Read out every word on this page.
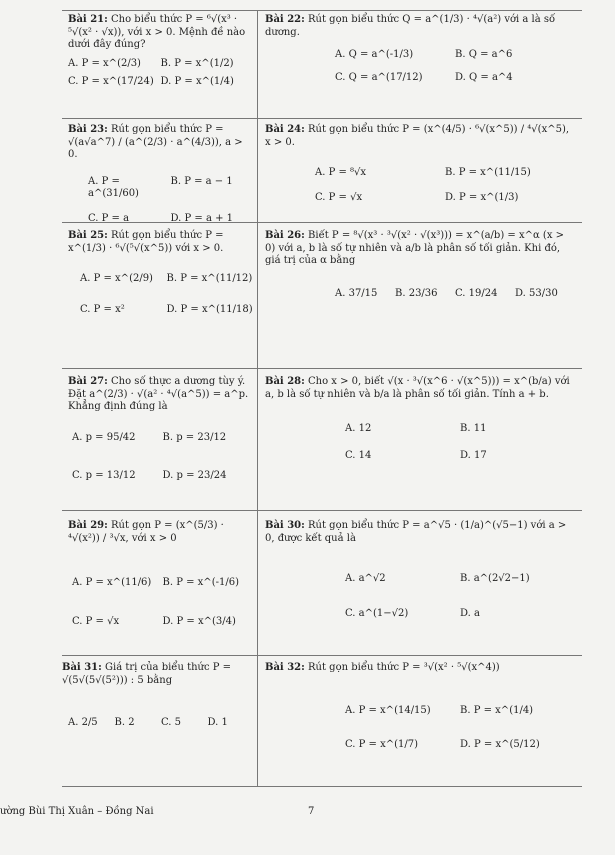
Bài 21: Cho biểu thức P = ⁶√(x³ · ⁵√(x² · √x)), với x > 0. Mệnh đề nào dưới đây đúng?
A. P = x^(2/3)	B. P = x^(1/2)
C. P = x^(17/24) D. P = x^(1/4)
Bài 22: Rút gọn biểu thức Q = a^(1/3) · ⁴√(a²) với a là số dương.
A. Q = a^(-1/3)	B. Q = a^6
C. Q = a^(17/12)	D. Q = a^4
Bài 23: Rút gọn biểu thức P = √(a√a^7) / (a^(2/3) · a^(4/3)), a > 0.
A. P = a^(31/60)
B. P = a − 1
C. P = a	D. P = a + 1
Bài 24: Rút gọn biểu thức P = (x^(4/5) · ⁶√(x^5)) / ⁴√(x^5), x > 0.
A. P = ⁸√x	B. P = x^(11/15)
C. P = √x	D. P = x^(1/3)
Bài 25: Rút gọn biểu thức P = x^(1/3) · ⁶√(⁵√(x^5)) với x > 0.
A. P = x^(2/9)	B. P = x^(11/12)
C. P = x²	D. P = x^(11/18)
Bài 26: Biết P = ⁸√(x³ · ³√(x² · √(x³))) = x^(a/b) = x^α (x > 0) với a, b là số tự nhiên và a/b là phân số tối giản. Khi đó, giá trị của α bằng
A. 37/15	B. 23/36	C. 19/24	D. 53/30
Bài 27: Cho số thực a dương tùy ý. Đặt a^(2/3) · √(a² · ⁴√(a^5)) = a^p. Khẳng định đúng là
A. p = 95/42	B. p = 23/12
C. p = 13/12	D. p = 23/24
Bài 28: Cho x > 0, biết √(x · ³√(x^6 · √(x^5))) = x^(b/a) với a, b là số tự nhiên và b/a là phân số tối giản. Tính a + b.
A. 12	B. 11
C. 14	D. 17
Bài 29: Rút gọn P = (x^(5/3) · ⁴√(x²)) / ³√x, với x > 0
A. P = x^(11/6)	B. P = x^(-1/6)
C. P = √x	D. P = x^(3/4)
Bài 30: Rút gọn biểu thức P = a^√5 · (1/a)^(√5−1) với a > 0, được kết quả là
A. a^√2	B. a^(2√2−1)
C. a^(1−√2)	D. a
Bài 31: Giá trị của biểu thức P = √(5√(5√(5²))) : 5 bằng
A. 2/5	B. 2	C. 5	D. 1
Bài 32: Rút gọn biểu thức P = ³√(x² · ⁵√(x^4))
A. P = x^(14/15)	B. P = x^(1/4)
C. P = x^(1/7)	D. P = x^(5/12)
ường Bùi Thị Xuân – Đồng Nai	7
